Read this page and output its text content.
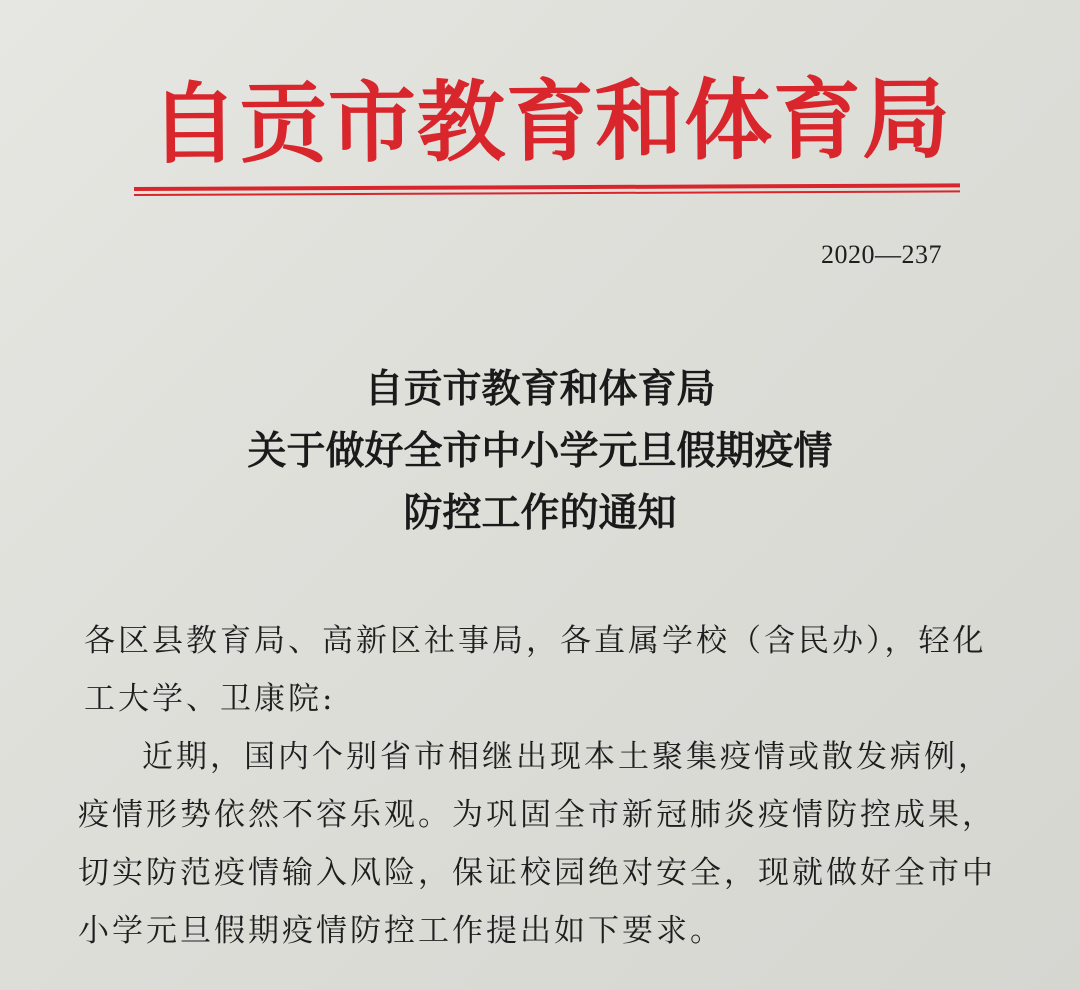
自贡市教育和体育局
2020—237
自贡市教育和体育局
关于做好全市中小学元旦假期疫情
防控工作的通知

各区县教育局、高新区社事局，各直属学校（含民办），轻化工大学、卫康院:

近期，国内个别省市相继出现本土聚集疫情或散发病例，疫情形势依然不容乐观。为巩固全市新冠肺炎疫情防控成果，切实防范疫情输入风险，保证校园绝对安全，现就做好全市中小学元旦假期疫情防控工作提出如下要求。
